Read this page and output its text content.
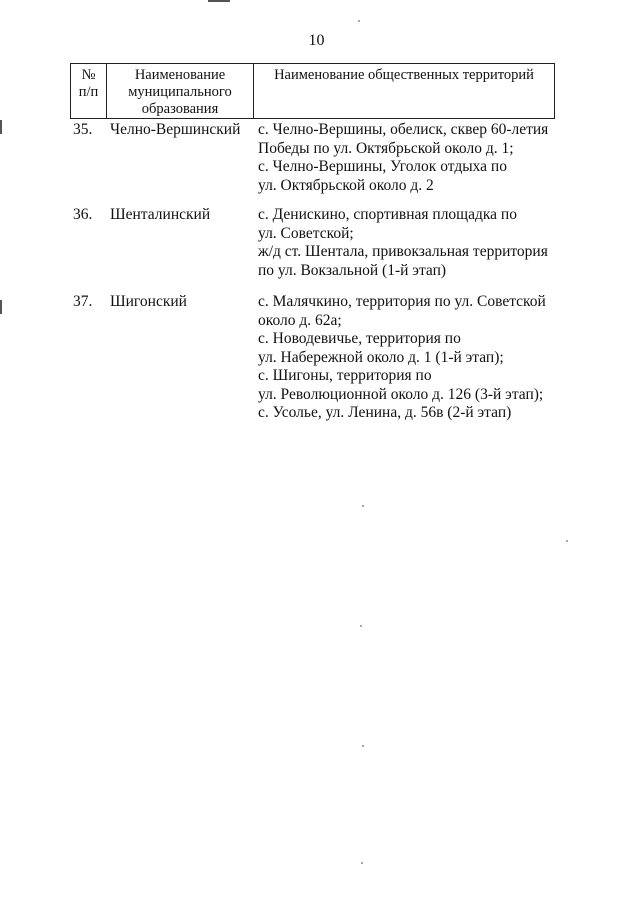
10
№
п/п
Наименование
муниципального
образования
Наименование общественных территорий
35. Челно-Вершинский с. Челно-Вершины, обелиск, сквер 60-летия
Победы по ул. Октябрьской около д. 1;
с. Челно-Вершины, Уголок отдыха по
ул. Октябрьской около д. 2
36. Шенталинский	с. Денискино, спортивная площадка по
ул. Советской;
ж/д ст. Шентала, привокзальная территория
по ул. Вокзальной (1-й этап)
37. Шигонский	с. Малячкино, территория по ул. Советской
около д. 62а;
с. Новодевичье, территория по
ул. Набережной около д. 1 (1-й этап);
с. Шигоны, территория по
ул. Революционной около д. 126 (3-й этап);
с. Усолье, ул. Ленина, д. 56в (2-й этап)
